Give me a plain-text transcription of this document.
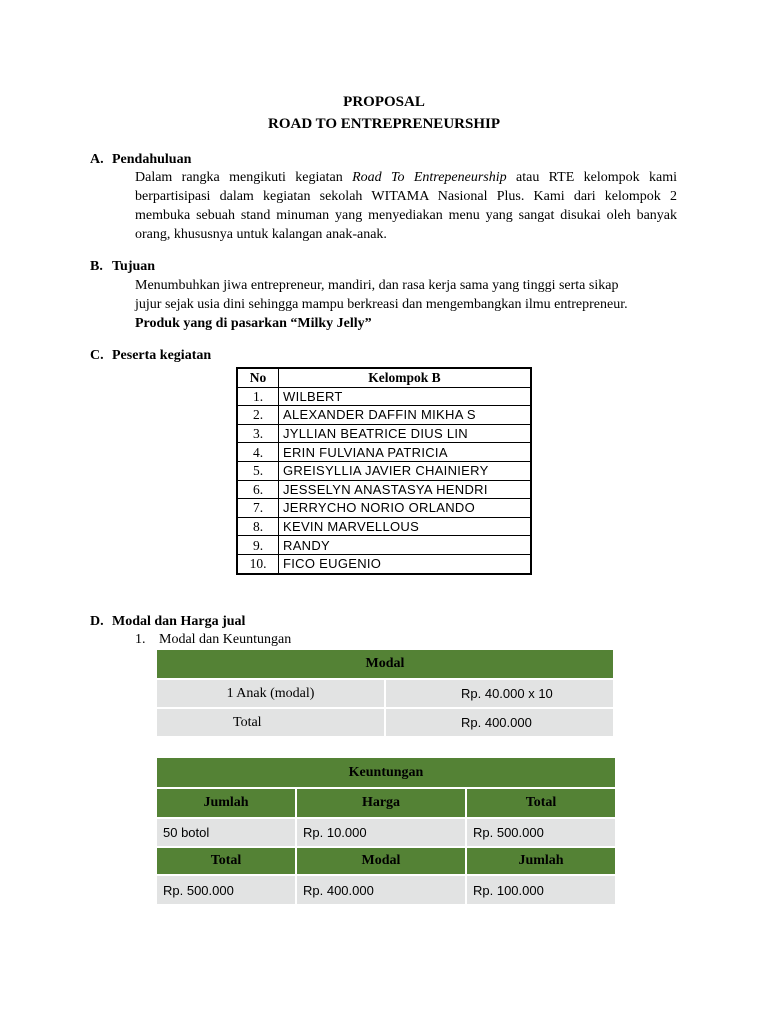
PROPOSAL
ROAD TO ENTREPRENEURSHIP
A. Pendahuluan
Dalam rangka mengikuti kegiatan Road To Entrepeneurship atau RTE kelompok kami berpartisipasi dalam kegiatan sekolah WITAMA Nasional Plus. Kami dari kelompok 2 membuka sebuah stand minuman yang menyediakan menu yang sangat disukai oleh banyak orang, khususnya untuk kalangan anak-anak.
B. Tujuan
Menumbuhkan jiwa entrepreneur, mandiri, dan rasa kerja sama yang tinggi serta sikap
jujur sejak usia dini sehingga mampu berkreasi dan mengembangkan ilmu entrepreneur.
Produk yang di pasarkan “Milky Jelly”
C. Peserta kegiatan
No	Kelompok B
1.	WILBERT
2.	ALEXANDER DAFFIN MIKHA S
3.	JYLLIAN BEATRICE DIUS LIN
4.	ERIN FULVIANA PATRICIA
5.	GREISYLLIA JAVIER CHAINIERY
6.	JESSELYN ANASTASYA HENDRI
7.	JERRYCHO NORIO ORLANDO
8.	KEVIN MARVELLOUS
9.	RANDY
10.	FICO EUGENIO
D. Modal dan Harga jual
1. Modal dan Keuntungan
Modal	
1 Anak (modal)	Rp. 40.000 x 10
Total	Rp. 400.000
Keuntungan		
Jumlah	Harga	Total
50 botol	Rp. 10.000	Rp. 500.000
Total	Modal	Jumlah
Rp. 500.000	Rp. 400.000	Rp. 100.000
